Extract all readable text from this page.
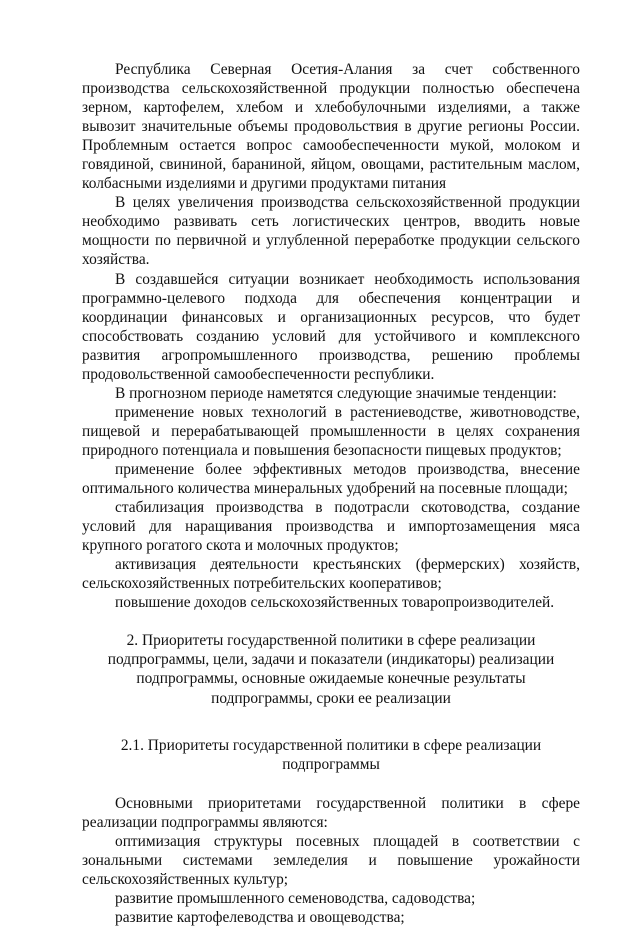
Республика Северная Осетия-Алания за счет собственного производства сельскохозяйственной продукции полностью обеспечена зерном, картофелем, хлебом и хлебобулочными изделиями, а также вывозит значительные объемы продовольствия в другие регионы России. Проблемным остается вопрос самообеспеченности мукой, молоком и говядиной, свининой, бараниной, яйцом, овощами, растительным маслом, колбасными изделиями и другими продуктами питания

В целях увеличения производства сельскохозяйственной продукции необходимо развивать сеть логистических центров, вводить новые мощности по первичной и углубленной переработке продукции сельского хозяйства.

В создавшейся ситуации возникает необходимость использования программно-целевого подхода для обеспечения концентрации и координации финансовых и организационных ресурсов, что будет способствовать созданию условий для устойчивого и комплексного развития агропромышленного производства, решению проблемы продовольственной самообеспеченности республики.

В прогнозном периоде наметятся следующие значимые тенденции:

применение новых технологий в растениеводстве, животноводстве, пищевой и перерабатывающей промышленности в целях сохранения природного потенциала и повышения безопасности пищевых продуктов;

применение более эффективных методов производства, внесение оптимального количества минеральных удобрений на посевные площади;

стабилизация производства в подотрасли скотоводства, создание условий для наращивания производства и импортозамещения мяса крупного рогатого скота и молочных продуктов;

активизация деятельности крестьянских (фермерских) хозяйств, сельскохозяйственных потребительских кооперативов;

повышение доходов сельскохозяйственных товаропроизводителей.

2. Приоритеты государственной политики в сфере реализации подпрограммы, цели, задачи и показатели (индикаторы) реализации подпрограммы, основные ожидаемые конечные результаты подпрограммы, сроки ее реализации

2.1. Приоритеты государственной политики в сфере реализации подпрограммы

Основными приоритетами государственной политики в сфере реализации подпрограммы являются:

оптимизация структуры посевных площадей в соответствии с зональными системами земледелия и повышение урожайности сельскохозяйственных культур;

развитие промышленного семеноводства, садоводства;

развитие картофелеводства и овощеводства;
